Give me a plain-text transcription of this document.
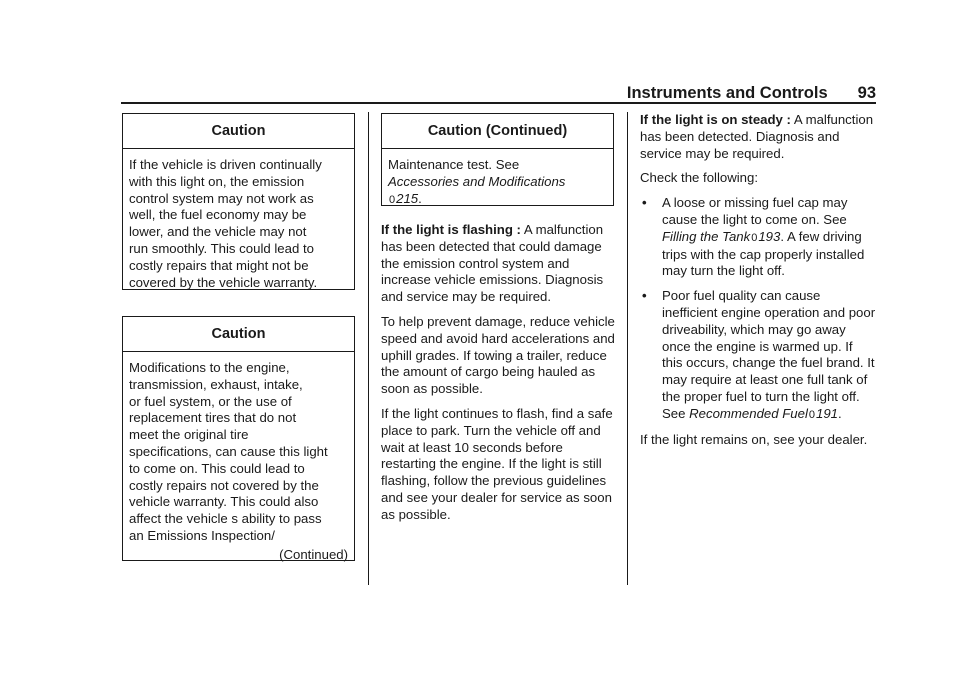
Instruments and Controls 93
Caution
If the vehicle is driven continually
with this light on, the emission
control system may not work as
well, the fuel economy may be
lower, and the vehicle may not
run smoothly. This could lead to
costly repairs that might not be
covered by the vehicle warranty.
Caution
Modifications to the engine,
transmission, exhaust, intake,
or fuel system, or the use of
replacement tires that do not
meet the original tire
specifications, can cause this light
to come on. This could lead to
costly repairs not covered by the
vehicle warranty. This could also
affect the vehicle s ability to pass
an Emissions Inspection/
(Continued)
Caution (Continued)
Maintenance test. See
Accessories and Modifications
0215.

If the light is flashing : A malfunction has been detected that could damage the emission control system and increase vehicle emissions. Diagnosis and service may be required.

To help prevent damage, reduce vehicle speed and avoid hard accelerations and uphill grades. If towing a trailer, reduce the amount of cargo being hauled as soon as possible.

If the light continues to flash, find a safe place to park. Turn the vehicle off and wait at least 10 seconds before restarting the engine. If the light is still flashing, follow the previous guidelines and see your dealer for service as soon as possible.

If the light is on steady : A malfunction has been detected. Diagnosis and service may be required.

Check the following:

• A loose or missing fuel cap may cause the light to come on. See Filling the Tank0193. A few driving trips with the cap properly installed may turn the light off.
• Poor fuel quality can cause inefficient engine operation and poor driveability, which may go away once the engine is warmed up. If this occurs, change the fuel brand. It may require at least one full tank of the proper fuel to turn the light off. See Recommended Fuel0191.

If the light remains on, see your dealer.
